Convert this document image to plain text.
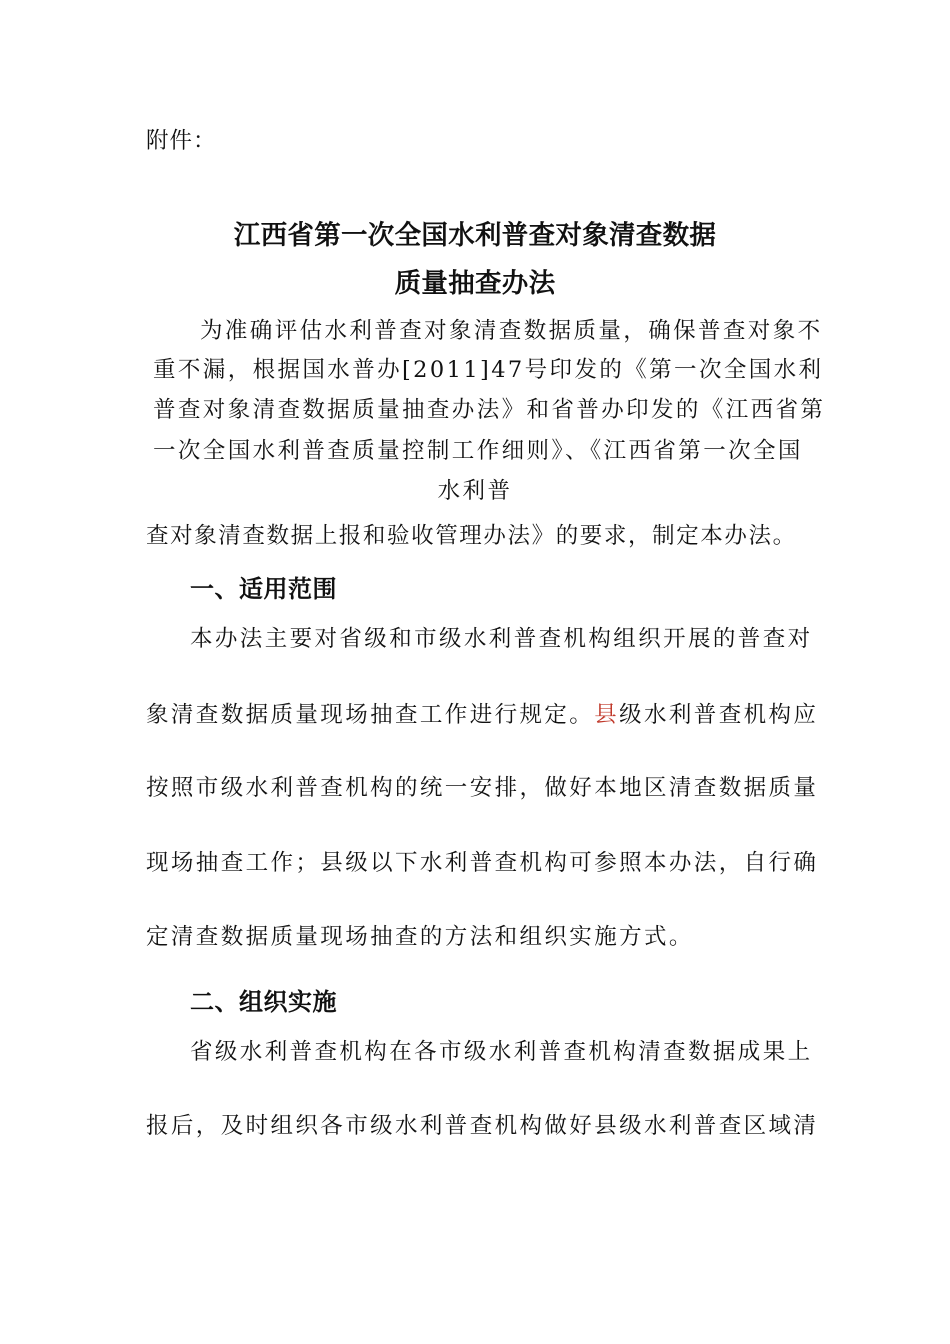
附件：
江西省第一次全国水利普查对象清查数据
质量抽查办法
为准确评估水利普查对象清查数据质量，确保普查对象不
重不漏，根据国水普办[2011]47号印发的《第一次全国水利
普查对象清查数据质量抽查办法》和省普办印发的《江西省第
一次全国水利普查质量控制工作细则》、《江西省第一次全国
水利普
查对象清查数据上报和验收管理办法》的要求，制定本办法。
一、适用范围
本办法主要对省级和市级水利普查机构组织开展的普查对
象清查数据质量现场抽查工作进行规定。县级水利普查机构应
按照市级水利普查机构的统一安排，做好本地区清查数据质量
现场抽查工作；县级以下水利普查机构可参照本办法，自行确
定清查数据质量现场抽查的方法和组织实施方式。
二、组织实施
省级水利普查机构在各市级水利普查机构清查数据成果上
报后，及时组织各市级水利普查机构做好县级水利普查区域清
